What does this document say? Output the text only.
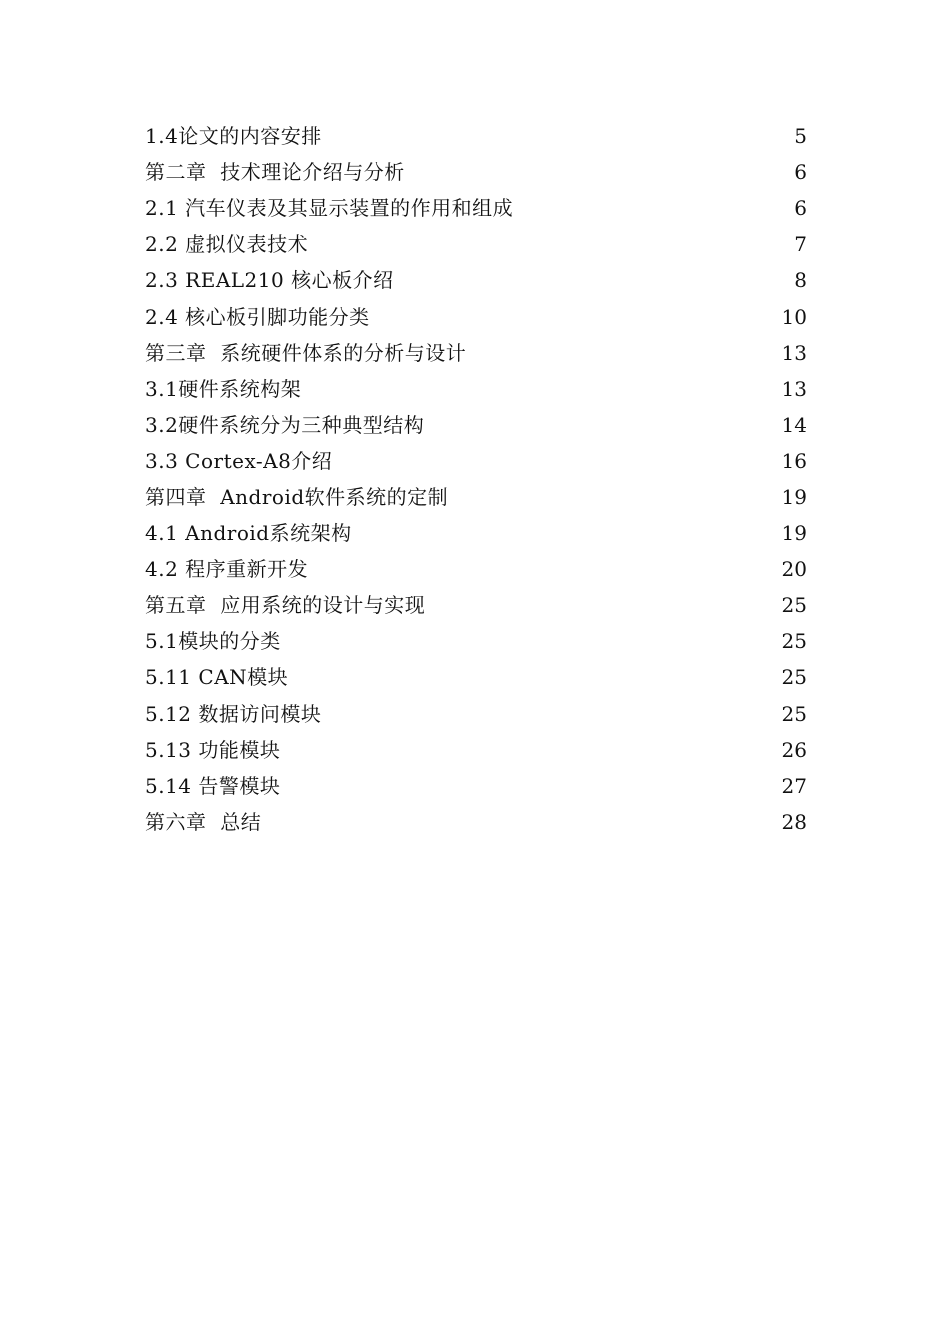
1.4论文的内容安排	5
第二章  技术理论介绍与分析	6
2.1 汽车仪表及其显示装置的作用和组成	6
2.2 虚拟仪表技术	7
2.3 REAL210 核心板介绍	8
2.4 核心板引脚功能分类	10
第三章  系统硬件体系的分析与设计	13
3.1硬件系统构架	13
3.2硬件系统分为三种典型结构	14
3.3 Cortex-A8介绍	16
第四章  Android软件系统的定制	19
4.1 Android系统架构	19
4.2 程序重新开发	20
第五章  应用系统的设计与实现	25
5.1模块的分类	25
5.11 CAN模块	25
5.12 数据访问模块	25
5.13 功能模块	26
5.14 告警模块	27
第六章  总结	28
